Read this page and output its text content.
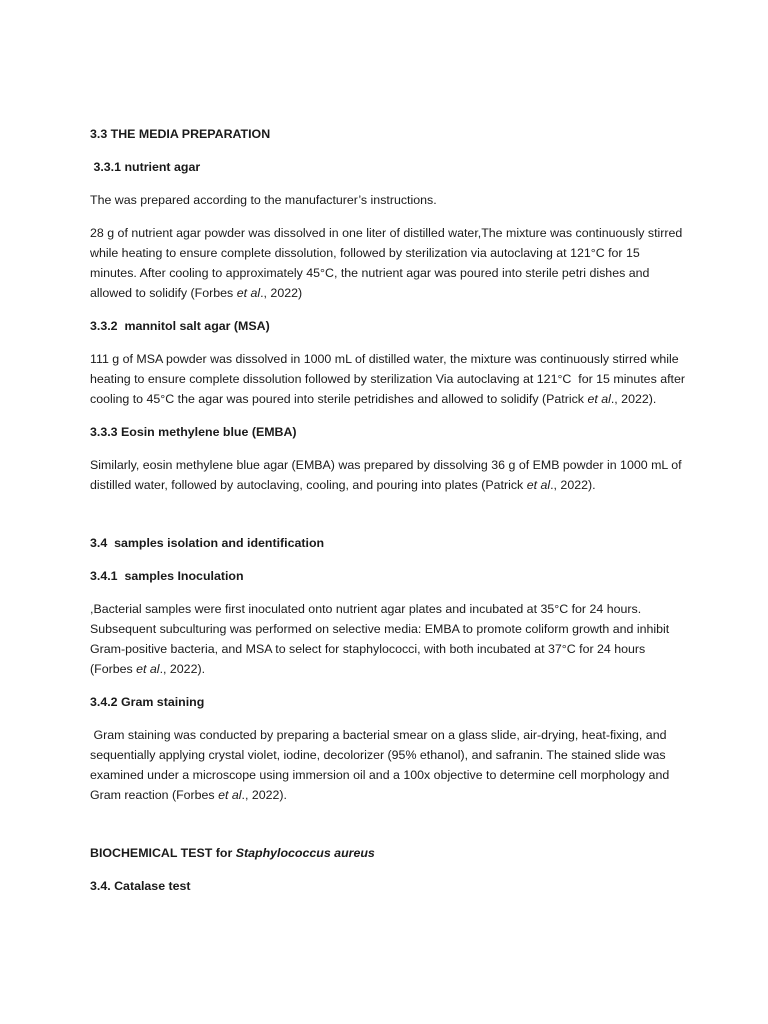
3.3 THE MEDIA PREPARATION

3.3.1 nutrient agar

The was prepared according to the manufacturer’s instructions.

28 g of nutrient agar powder was dissolved in one liter of distilled water,The mixture was continuously stirred while heating to ensure complete dissolution, followed by sterilization via autoclaving at 121°C for 15 minutes. After cooling to approximately 45°C, the nutrient agar was poured into sterile petri dishes and allowed to solidify (Forbes et al., 2022)

3.3.2  mannitol salt agar (MSA)

111 g of MSA powder was dissolved in 1000 mL of distilled water, the mixture was continuously stirred while heating to ensure complete dissolution followed by sterilization Via autoclaving at 121°C  for 15 minutes after cooling to 45°C the agar was poured into sterile petridishes and allowed to solidify (Patrick et al., 2022).

3.3.3 Eosin methylene blue (EMBA)

Similarly, eosin methylene blue agar (EMBA) was prepared by dissolving 36 g of EMB powder in 1000 mL of distilled water, followed by autoclaving, cooling, and pouring into plates (Patrick et al., 2022).

3.4  samples isolation and identification

3.4.1  samples Inoculation

,Bacterial samples were first inoculated onto nutrient agar plates and incubated at 35°C for 24 hours. Subsequent subculturing was performed on selective media: EMBA to promote coliform growth and inhibit Gram-positive bacteria, and MSA to select for staphylococci, with both incubated at 37°C for 24 hours (Forbes et al., 2022).

3.4.2 Gram staining

Gram staining was conducted by preparing a bacterial smear on a glass slide, air-drying, heat-fixing, and sequentially applying crystal violet, iodine, decolorizer (95% ethanol), and safranin. The stained slide was examined under a microscope using immersion oil and a 100x objective to determine cell morphology and Gram reaction (Forbes et al., 2022).

BIOCHEMICAL TEST for Staphylococcus aureus

3.4. Catalase test
